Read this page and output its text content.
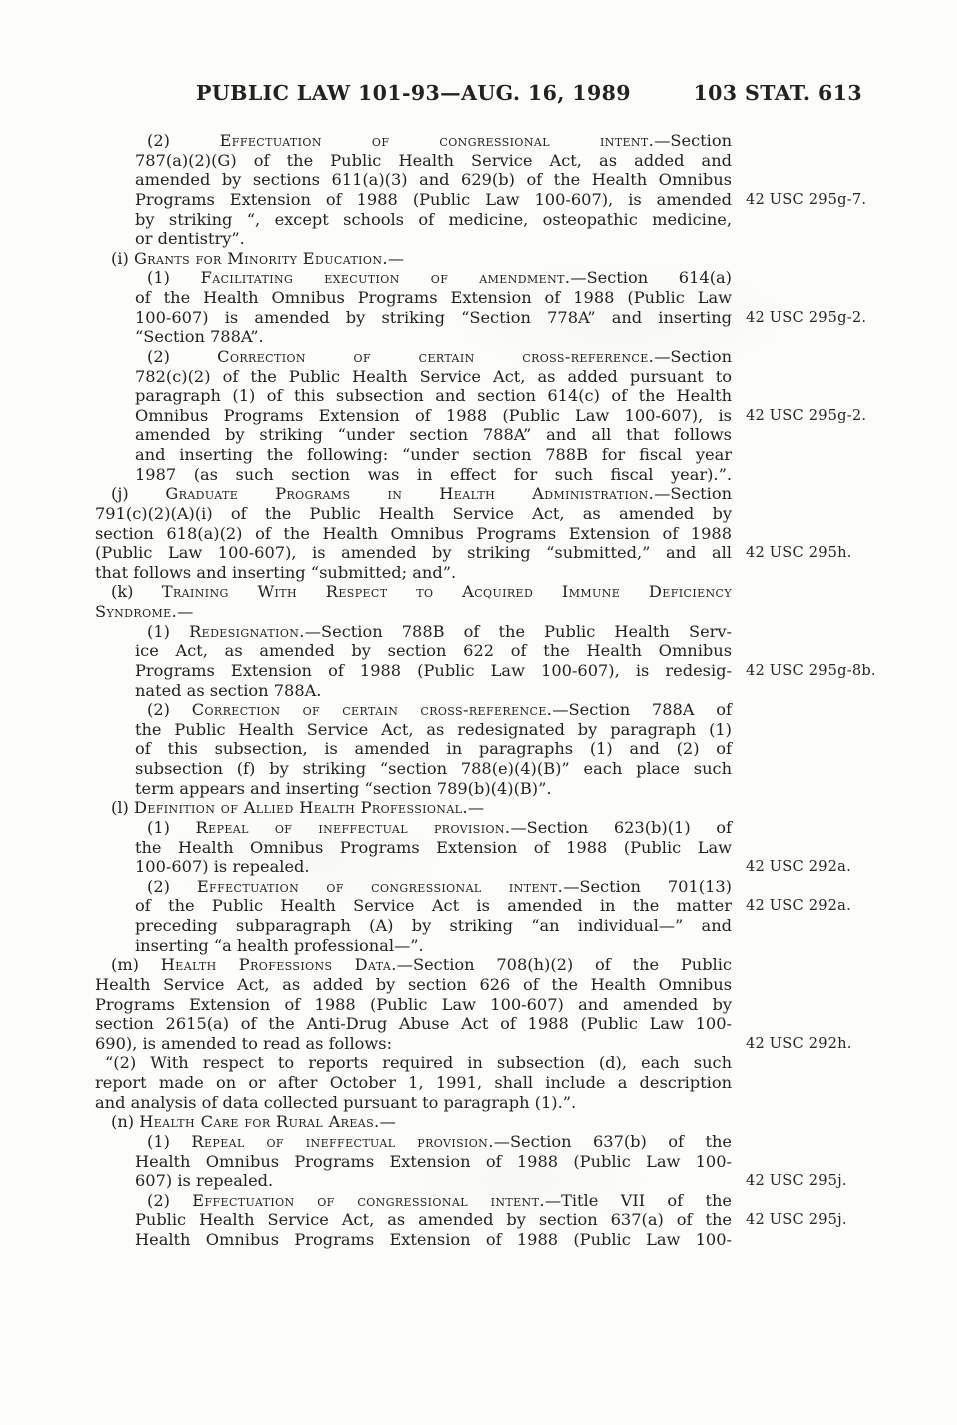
PUBLIC LAW 101-93—AUG. 16, 1989	103 STAT. 613
(2) Effectuation of congressional intent.—Section
787(a)(2)(G) of the Public Health Service Act, as added and
amended by sections 611(a)(3) and 629(b) of the Health Omnibus
Programs Extension of 1988 (Public Law 100-607), is amended 42 USC 295g-7.
by striking “, except schools of medicine, osteopathic medicine,
or dentistry”.
(i) Grants for Minority Education.—
(1) Facilitating execution of amendment.—Section 614(a)
of the Health Omnibus Programs Extension of 1988 (Public Law
100-607) is amended by striking “Section 778A” and inserting 42 USC 295g-2.
“Section 788A”.
(2) Correction of certain cross-reference.—Section
782(c)(2) of the Public Health Service Act, as added pursuant to
paragraph (1) of this subsection and section 614(c) of the Health
Omnibus Programs Extension of 1988 (Public Law 100-607), is 42 USC 295g-2.
amended by striking “under section 788A” and all that follows
and inserting the following: “under section 788B for fiscal year
1987 (as such section was in effect for such fiscal year).”.
(j) Graduate Programs in Health Administration.—Section
791(c)(2)(A)(i) of the Public Health Service Act, as amended by
section 618(a)(2) of the Health Omnibus Programs Extension of 1988
(Public Law 100-607), is amended by striking “submitted,” and all 42 USC 295h.
that follows and inserting “submitted; and”.
(k) Training With Respect to Acquired Immune Deficiency
Syndrome.—
(1) Redesignation.—Section 788B of the Public Health Serv-
ice Act, as amended by section 622 of the Health Omnibus
Programs Extension of 1988 (Public Law 100-607), is redesig- 42 USC 295g-8b.
nated as section 788A.
(2) Correction of certain cross-reference.—Section 788A of
the Public Health Service Act, as redesignated by paragraph (1)
of this subsection, is amended in paragraphs (1) and (2) of
subsection (f) by striking “section 788(e)(4)(B)” each place such
term appears and inserting “section 789(b)(4)(B)”.
(l) Definition of Allied Health Professional.—
(1) Repeal of ineffectual provision.—Section 623(b)(1) of
the Health Omnibus Programs Extension of 1988 (Public Law
100-607) is repealed.	42 USC 292a.
(2) Effectuation of congressional intent.—Section 701(13)
of the Public Health Service Act is amended in the matter 42 USC 292a.
preceding subparagraph (A) by striking “an individual—” and
inserting “a health professional—”.
(m) Health Professions Data.—Section 708(h)(2) of the Public
Health Service Act, as added by section 626 of the Health Omnibus
Programs Extension of 1988 (Public Law 100-607) and amended by
section 2615(a) of the Anti-Drug Abuse Act of 1988 (Public Law 100-
690), is amended to read as follows:	42 USC 292h.
“(2) With respect to reports required in subsection (d), each such
report made on or after October 1, 1991, shall include a description
and analysis of data collected pursuant to paragraph (1).”.
(n) Health Care for Rural Areas.—
(1) Repeal of ineffectual provision.—Section 637(b) of the
Health Omnibus Programs Extension of 1988 (Public Law 100-
607) is repealed.	42 USC 295j.
(2) Effectuation of congressional intent.—Title VII of the
Public Health Service Act, as amended by section 637(a) of the 42 USC 295j.
Health Omnibus Programs Extension of 1988 (Public Law 100-
